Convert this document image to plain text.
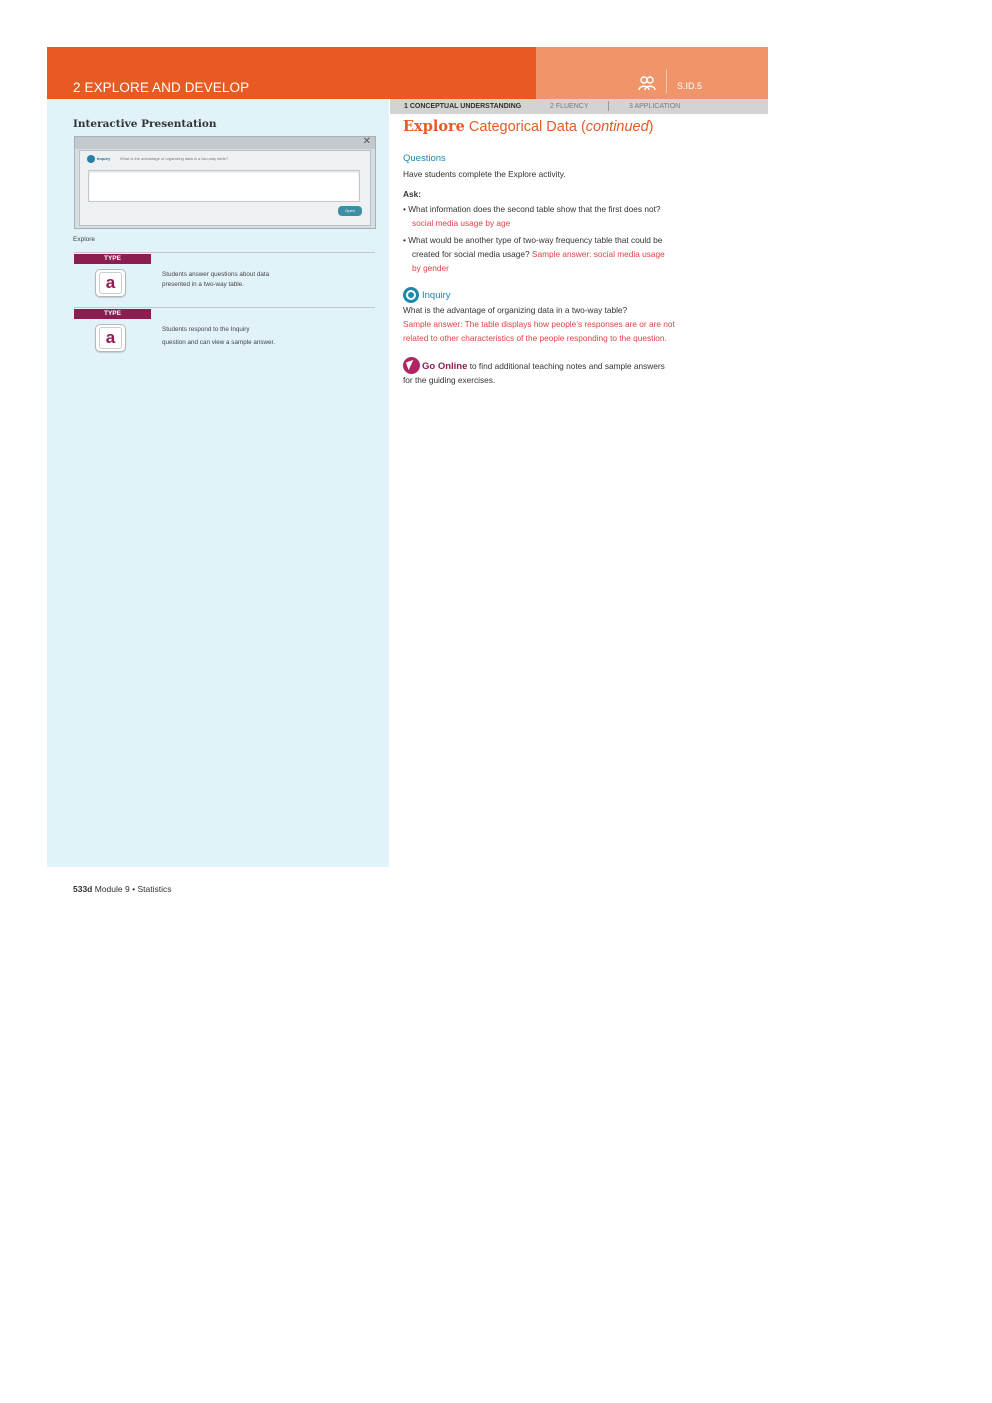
2 EXPLORE AND DEVELOP	S.ID.5
1 CONCEPTUAL UNDERSTANDING	2 FLUENCY	3 APPLICATION
Interactive Presentation
✕
Inquiry What is the advantage of organizing data in a two-way table?
Open
Explore
TYPE
a	Students answer questions about data
presented in a two-way table.
TYPE
a	Students respond to the Inquiry
question and can view a sample answer.
Explore Categorical Data (continued)
Questions
Have students complete the Explore activity.
Ask:
• What information does the second table show that the first does not?
social media usage by age
• What would be another type of two-way frequency table that could be
created for social media usage? Sample answer: social media usage
by gender
Inquiry
What is the advantage of organizing data in a two-way table?
Sample answer: The table displays how people’s responses are or are not
related to other characteristics of the people responding to the question.
Go Online to find additional teaching notes and sample answers
for the guiding exercises.
533d Module 9 • Statistics
